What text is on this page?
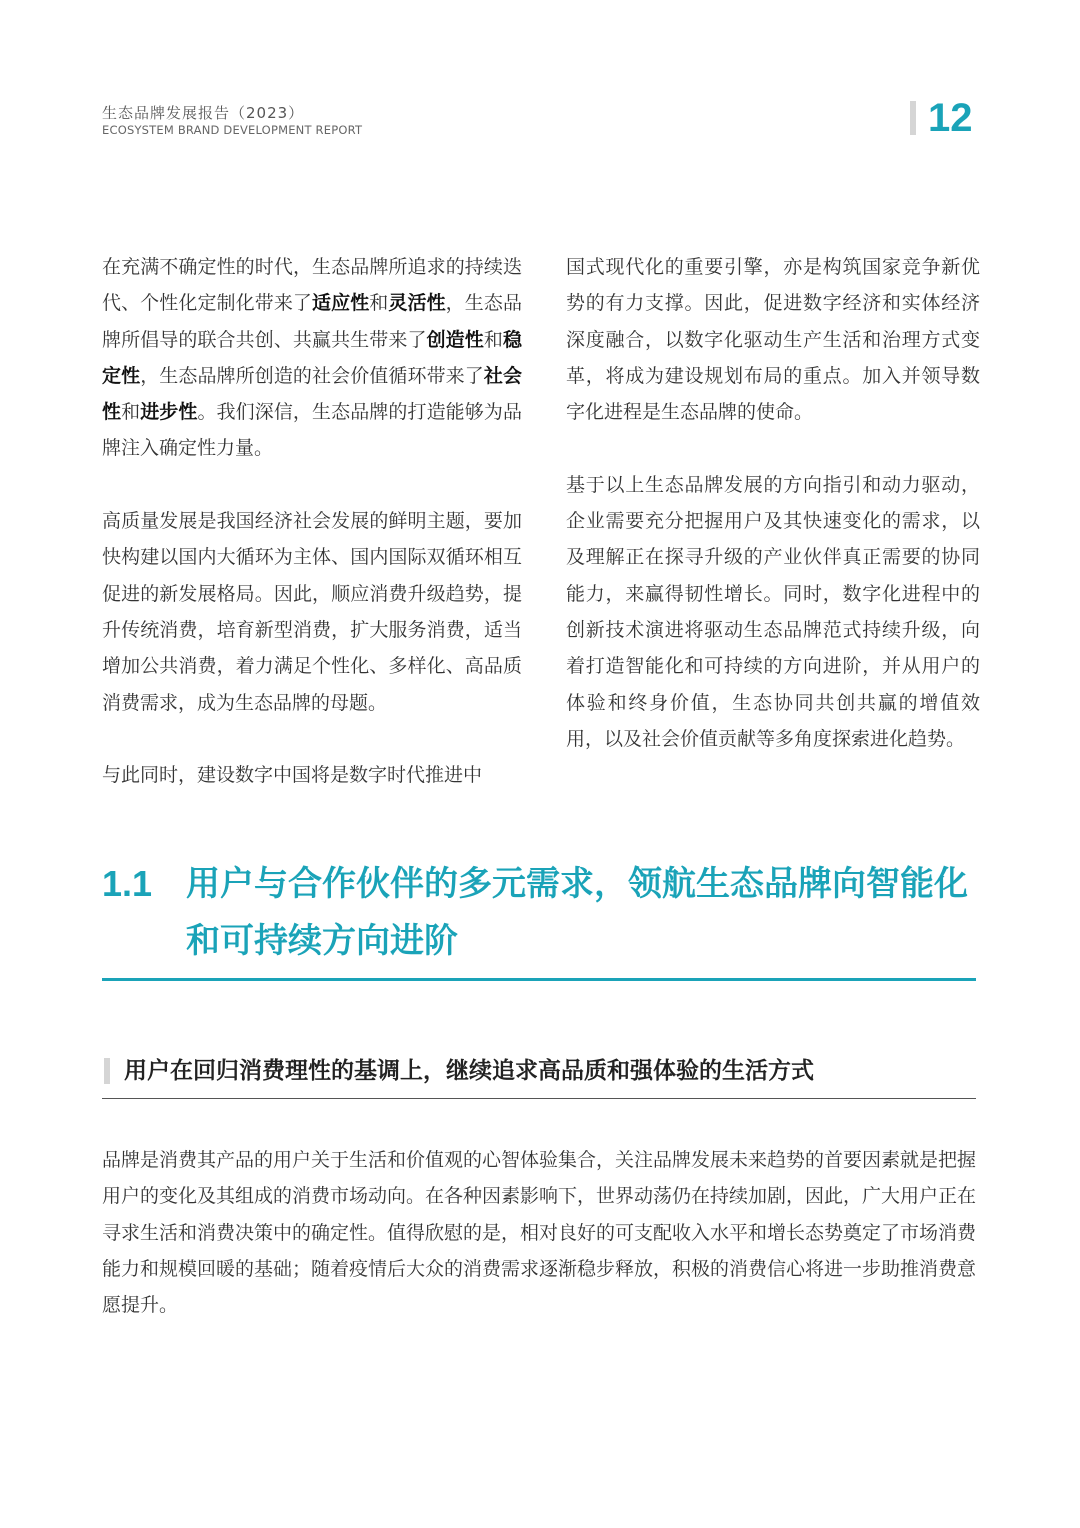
生态品牌发展报告（2023）
ECOSYSTEM BRAND DEVELOPMENT REPORT	12

在充满不确定性的时代，生态品牌所追求的持续迭代、个性化定制化带来了适应性和灵活性，生态品牌所倡导的联合共创、共赢共生带来了创造性和稳定性，生态品牌所创造的社会价值循环带来了社会性和进步性。我们深信，生态品牌的打造能够为品牌注入确定性力量。

高质量发展是我国经济社会发展的鲜明主题，要加快构建以国内大循环为主体、国内国际双循环相互促进的新发展格局。因此，顺应消费升级趋势，提升传统消费，培育新型消费，扩大服务消费，适当增加公共消费，着力满足个性化、多样化、高品质消费需求，成为生态品牌的母题。

与此同时，建设数字中国将是数字时代推进中

国式现代化的重要引擎，亦是构筑国家竞争新优势的有力支撑。因此，促进数字经济和实体经济深度融合，以数字化驱动生产生活和治理方式变革，将成为建设规划布局的重点。加入并领导数字化进程是生态品牌的使命。

基于以上生态品牌发展的方向指引和动力驱动，企业需要充分把握用户及其快速变化的需求，以及理解正在探寻升级的产业伙伴真正需要的协同能力，来赢得韧性增长。同时，数字化进程中的创新技术演进将驱动生态品牌范式持续升级，向着打造智能化和可持续的方向进阶，并从用户的体验和终身价值，生态协同共创共赢的增值效用，以及社会价值贡献等多角度探索进化趋势。

1.1 用户与合作伙伴的多元需求，领航生态品牌向智能化和可持续方向进阶
用户在回归消费理性的基调上，继续追求高品质和强体验的生活方式

品牌是消费其产品的用户关于生活和价值观的心智体验集合，关注品牌发展未来趋势的首要因素就是把握用户的变化及其组成的消费市场动向。在各种因素影响下，世界动荡仍在持续加剧，因此，广大用户正在寻求生活和消费决策中的确定性。值得欣慰的是，相对良好的可支配收入水平和增长态势奠定了市场消费能力和规模回暖的基础；随着疫情后大众的消费需求逐渐稳步释放，积极的消费信心将进一步助推消费意愿提升。
